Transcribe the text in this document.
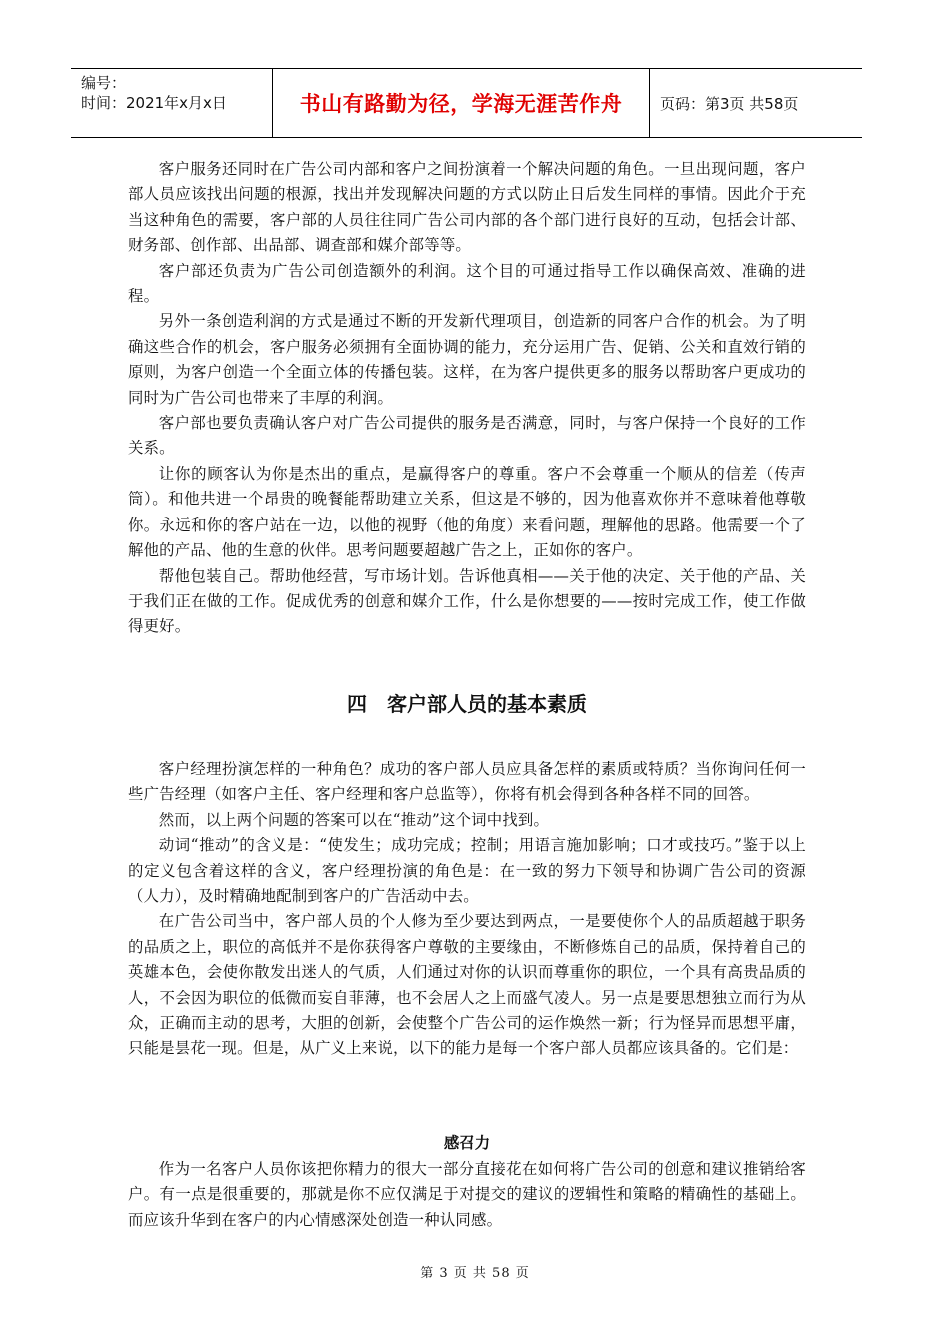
编号：
时间：2021年x月x日	书山有路勤为径，学海无涯苦作舟	页码：第3页 共58页

客户服务还同时在广告公司内部和客户之间扮演着一个解决问题的角色。一旦出现问题，客户部人员应该找出问题的根源，找出并发现解决问题的方式以防止日后发生同样的事情。因此介于充当这种角色的需要，客户部的人员往往同广告公司内部的各个部门进行良好的互动，包括会计部、财务部、创作部、出品部、调查部和媒介部等等。

客户部还负责为广告公司创造额外的利润。这个目的可通过指导工作以确保高效、准确的进程。

另外一条创造利润的方式是通过不断的开发新代理项目，创造新的同客户合作的机会。为了明确这些合作的机会，客户服务必须拥有全面协调的能力，充分运用广告、促销、公关和直效行销的原则，为客户创造一个全面立体的传播包装。这样，在为客户提供更多的服务以帮助客户更成功的同时为广告公司也带来了丰厚的利润。

客户部也要负责确认客户对广告公司提供的服务是否满意，同时，与客户保持一个良好的工作关系。

让你的顾客认为你是杰出的重点，是赢得客户的尊重。客户不会尊重一个顺从的信差（传声筒）。和他共进一个昂贵的晚餐能帮助建立关系，但这是不够的，因为他喜欢你并不意味着他尊敬你。永远和你的客户站在一边，以他的视野（他的角度）来看问题，理解他的思路。他需要一个了解他的产品、他的生意的伙伴。思考问题要超越广告之上，正如你的客户。

帮他包装自己。帮助他经营，写市场计划。告诉他真相——关于他的决定、关于他的产品、关于我们正在做的工作。促成优秀的创意和媒介工作，什么是你想要的——按时完成工作，使工作做得更好。

四　客户部人员的基本素质

客户经理扮演怎样的一种角色？成功的客户部人员应具备怎样的素质或特质？当你询问任何一些广告经理（如客户主任、客户经理和客户总监等），你将有机会得到各种各样不同的回答。

然而，以上两个问题的答案可以在“推动”这个词中找到。

动词“推动”的含义是：“使发生；成功完成；控制；用语言施加影响；口才或技巧。”鉴于以上的定义包含着这样的含义，客户经理扮演的角色是：在一致的努力下领导和协调广告公司的资源（人力），及时精确地配制到客户的广告活动中去。

在广告公司当中，客户部人员的个人修为至少要达到两点，一是要使你个人的品质超越于职务的品质之上，职位的高低并不是你获得客户尊敬的主要缘由，不断修炼自己的品质，保持着自己的英雄本色，会使你散发出迷人的气质，人们通过对你的认识而尊重你的职位，一个具有高贵品质的人，不会因为职位的低微而妄自菲薄，也不会居人之上而盛气凌人。另一点是要思想独立而行为从众，正确而主动的思考，大胆的创新，会使整个广告公司的运作焕然一新；行为怪异而思想平庸，只能是昙花一现。但是，从广义上来说，以下的能力是每一个客户部人员都应该具备的。它们是：

感召力

作为一名客户人员你该把你精力的很大一部分直接花在如何将广告公司的创意和建议推销给客户。有一点是很重要的，那就是你不应仅满足于对提交的建议的逻辑性和策略的精确性的基础上。而应该升华到在客户的内心情感深处创造一种认同感。

第 3 页 共 58 页
